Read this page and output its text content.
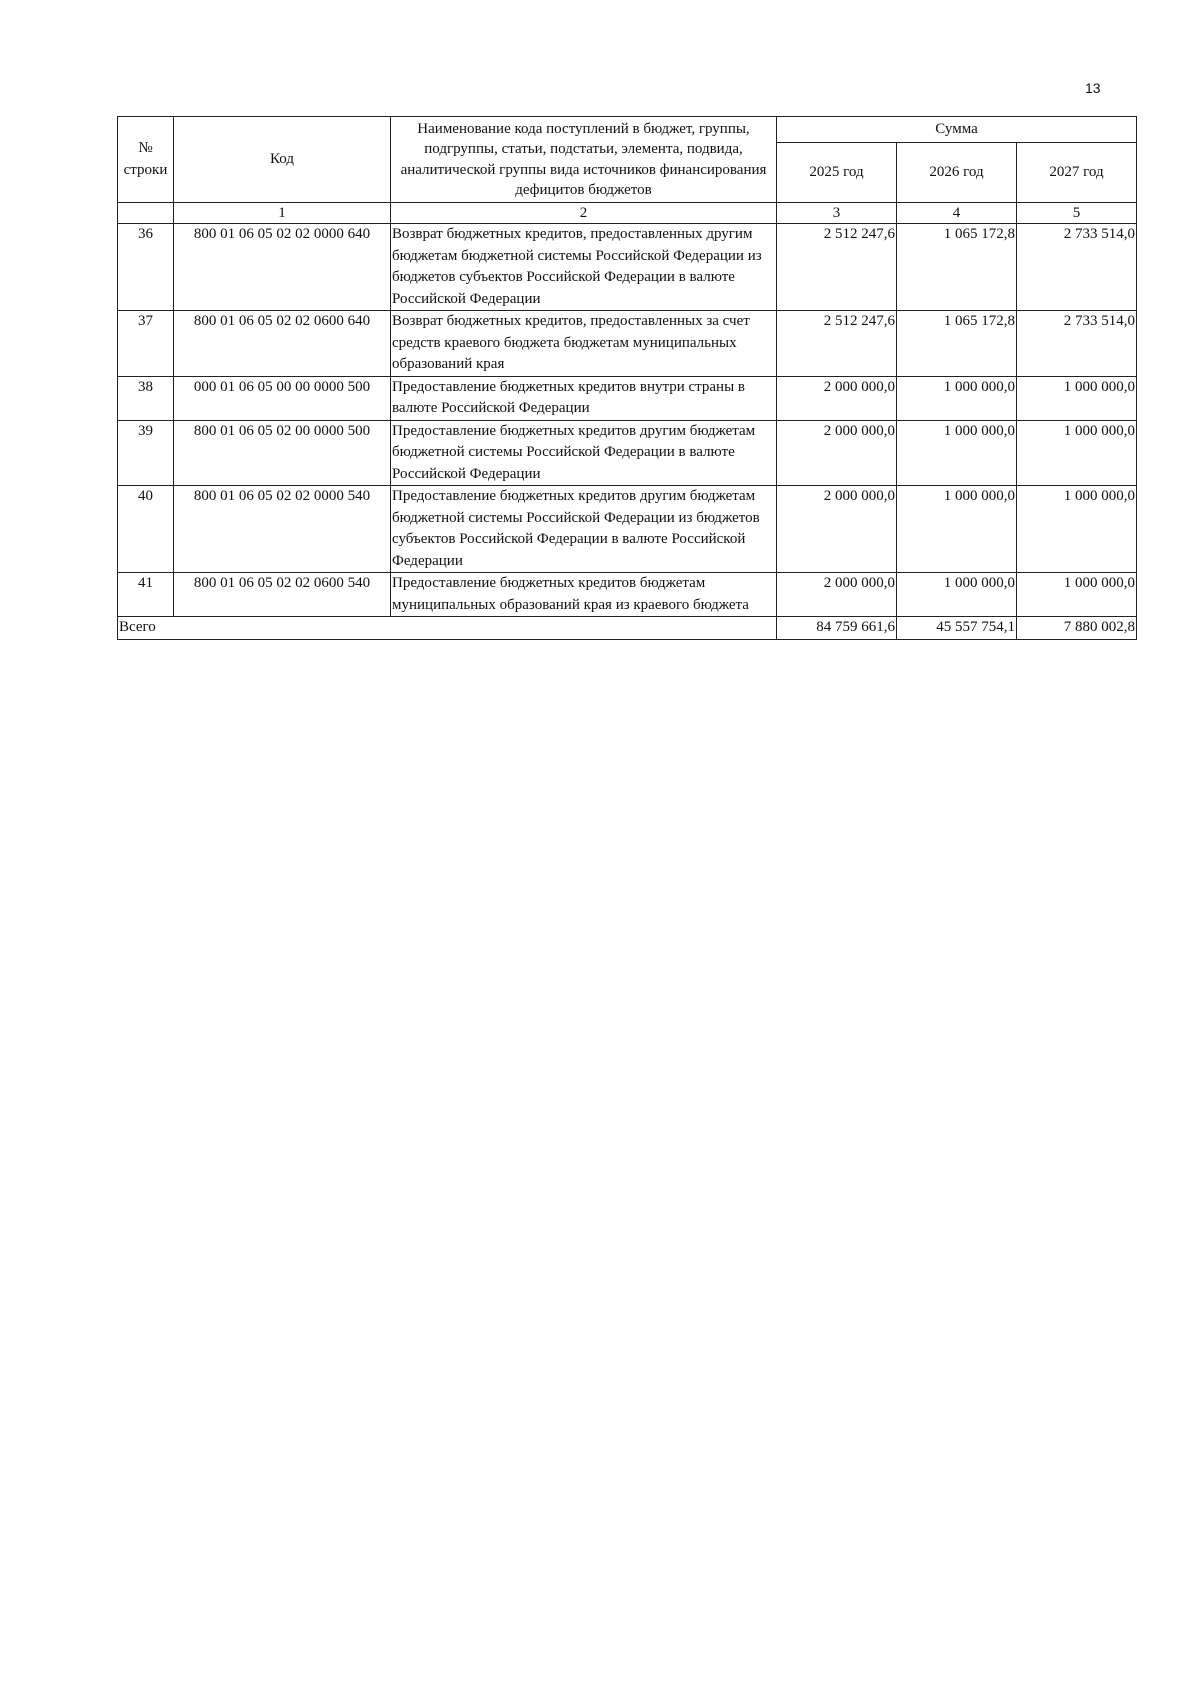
13
№ строки	Код	Наименование кода поступлений в бюджет, группы, подгруппы, статьи, подстатьи, элемента, подвида, аналитической группы вида источников финансирования дефицитов бюджетов	Сумма		
			2025 год	2026 год	2027 год
	1	2	3	4	5
36	800 01 06 05 02 02 0000 640	Возврат бюджетных кредитов, предоставленных другим бюджетам бюджетной системы Российской Федерации из бюджетов субъектов Российской Федерации в валюте Российской Федерации	2 512 247,6	1 065 172,8	2 733 514,0
37	800 01 06 05 02 02 0600 640	Возврат бюджетных кредитов, предоставленных за счет средств краевого бюджета бюджетам муниципальных образований края	2 512 247,6	1 065 172,8	2 733 514,0
38	000 01 06 05 00 00 0000 500	Предоставление бюджетных кредитов внутри страны в валюте Российской Федерации	2 000 000,0	1 000 000,0	1 000 000,0
39	800 01 06 05 02 00 0000 500	Предоставление бюджетных кредитов другим бюджетам бюджетной системы Российской Федерации в валюте Российской Федерации	2 000 000,0	1 000 000,0	1 000 000,0
40	800 01 06 05 02 02 0000 540	Предоставление бюджетных кредитов другим бюджетам бюджетной системы Российской Федерации из бюджетов субъектов Российской Федерации в валюте Российской Федерации	2 000 000,0	1 000 000,0	1 000 000,0
41	800 01 06 05 02 02 0600 540	Предоставление бюджетных кредитов бюджетам муниципальных образований края из краевого бюджета	2 000 000,0	1 000 000,0	1 000 000,0
Всего			84 759 661,6	45 557 754,1	7 880 002,8
